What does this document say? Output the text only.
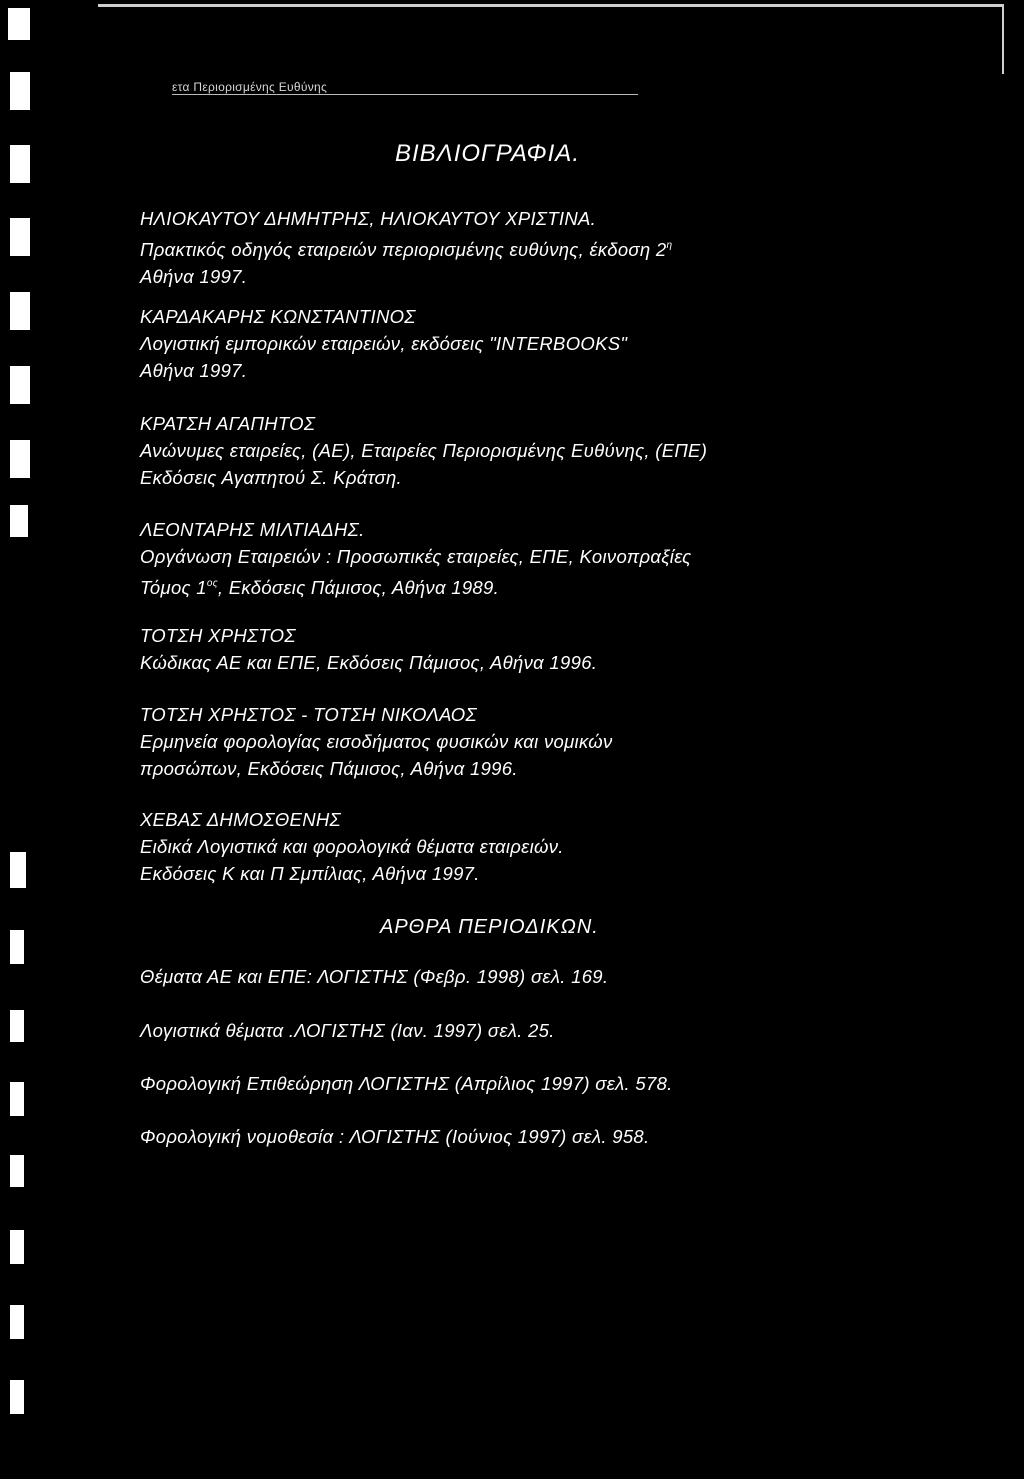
ετα Περιορισμένης Ευθύνης
ΒΙΒΛΙΟΓΡΑΦΙΑ.
ΗΛΙΟΚΑΥΤΟΥ ΔΗΜΗΤΡΗΣ, ΗΛΙΟΚΑΥΤΟΥ ΧΡΙΣΤΙΝΑ.
Πρακτικός οδηγός εταιρειών περιορισμένης ευθύνης, έκδοση $2^\eta$
Αθήνα 1997.
ΚΑΡΔΑΚΑΡΗΣ ΚΩΝΣΤΑΝΤΙΝΟΣ
Λογιστική εμπορικών εταιρειών, εκδόσεις "INTERBOOKS"
Αθήνα 1997.
ΚΡΑΤΣΗ ΑΓΑΠΗΤΟΣ
Ανώνυμες εταιρείες, (ΑΕ), Εταιρείες Περιορισμένης Ευθύνης, (ΕΠΕ)
Εκδόσεις Αγαπητού Σ. Κράτση.
ΛΕΟΝΤΑΡΗΣ ΜΙΛΤΙΑΔΗΣ.
Οργάνωση Εταιρειών : Προσωπικές εταιρείες, ΕΠΕ, Κοινοπραξίες
Τόμος $1^{o\varsigma}$, Εκδόσεις Πάμισος, Αθήνα 1989.
ΤΟΤΣΗ ΧΡΗΣΤΟΣ
Κώδικας ΑΕ και ΕΠΕ, Εκδόσεις Πάμισος, Αθήνα 1996.
ΤΟΤΣΗ ΧΡΗΣΤΟΣ - ΤΟΤΣΗ ΝΙΚΟΛΑΟΣ
Ερμηνεία φορολογίας εισοδήματος φυσικών και νομικών
προσώπων, Εκδόσεις Πάμισος, Αθήνα 1996.
ΧΕΒΑΣ ΔΗΜΟΣΘΕΝΗΣ
Ειδικά Λογιστικά και φορολογικά θέματα εταιρειών.
Εκδόσεις Κ και Π Σμπίλιας, Αθήνα 1997.
ΑΡΘΡΑ ΠΕΡΙΟΔΙΚΩΝ.
Θέματα ΑΕ και ΕΠΕ: ΛΟΓΙΣΤΗΣ (Φεβρ. 1998) σελ. 169.
Λογιστικά θέματα .ΛΟΓΙΣΤΗΣ (Ιαν. 1997) σελ. 25.
Φορολογική Επιθεώρηση ΛΟΓΙΣΤΗΣ (Απρίλιος 1997) σελ. 578.
Φορολογική νομοθεσία : ΛΟΓΙΣΤΗΣ (Ιούνιος 1997) σελ. 958.
